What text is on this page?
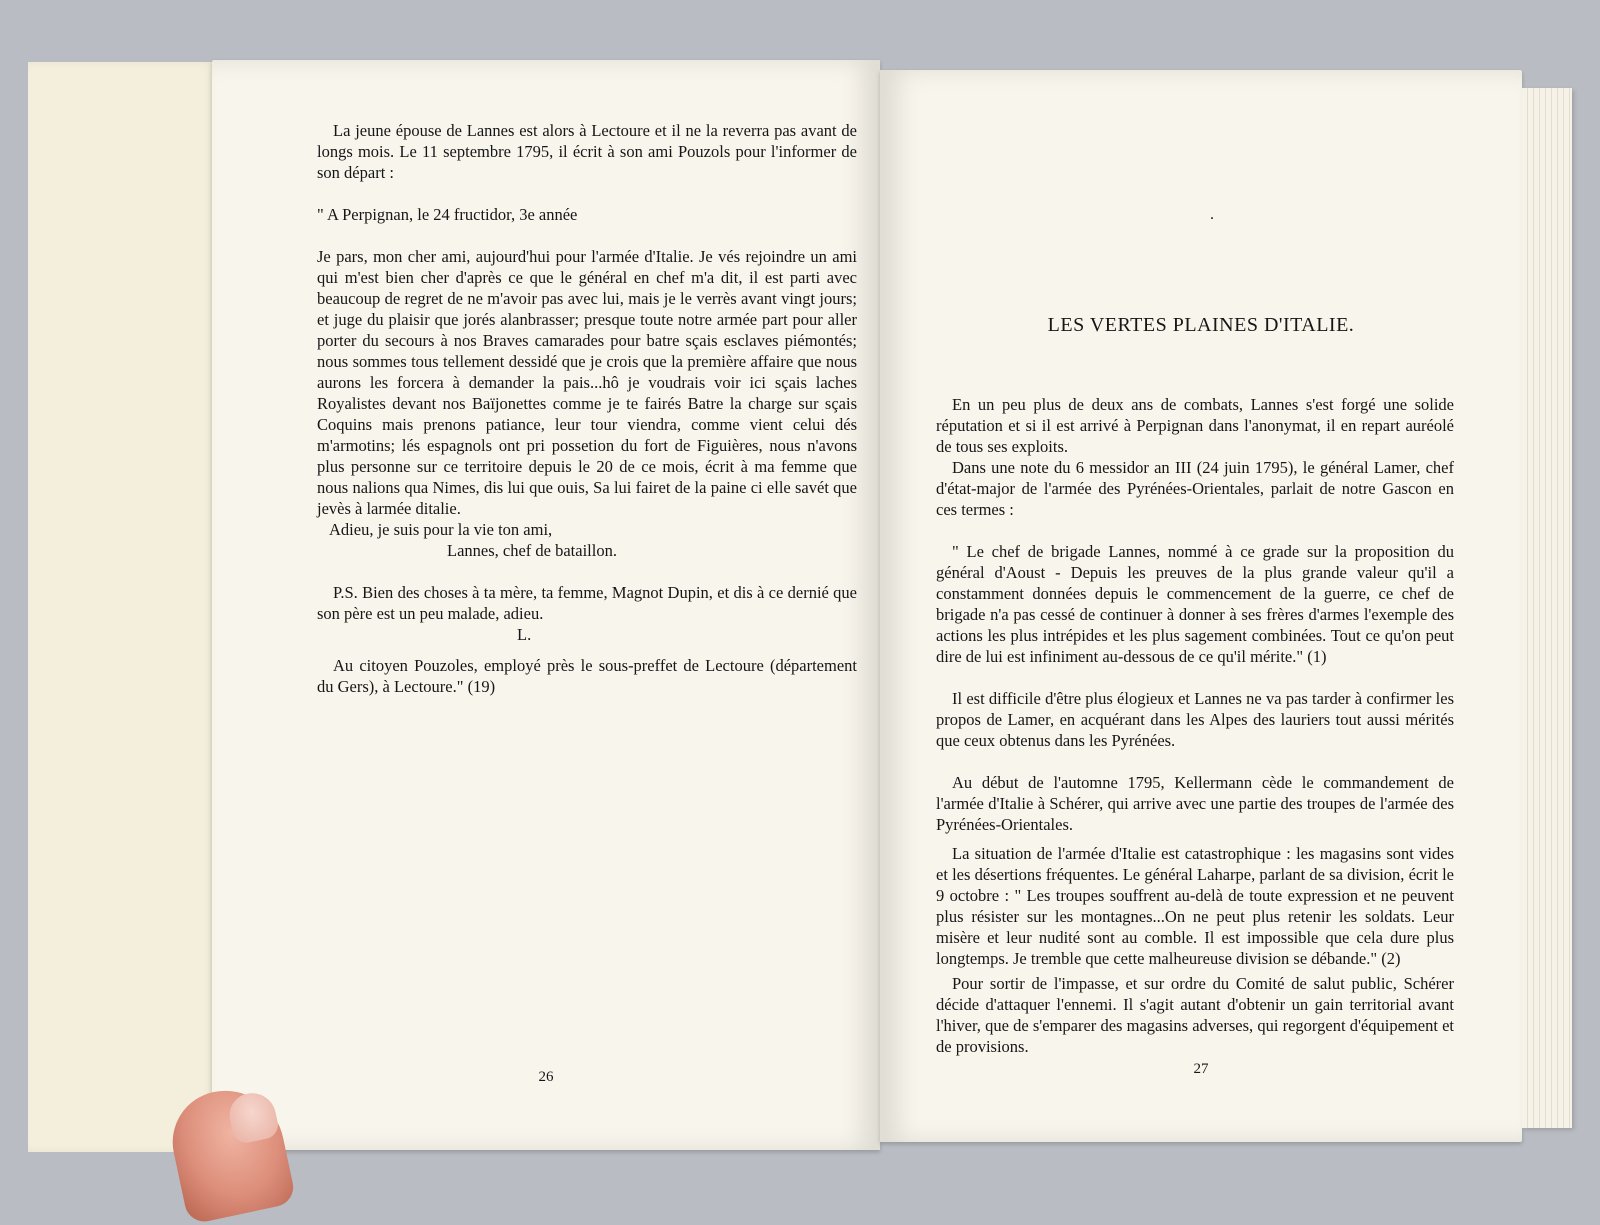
La jeune épouse de Lannes est alors à Lectoure et il ne la reverra pas avant de longs mois. Le 11 septembre 1795, il écrit à son ami Pouzols pour l'informer de son départ :

" A Perpignan, le 24 fructidor, 3e année

Je pars, mon cher ami, aujourd'hui pour l'armée d'Italie. Je vés rejoindre un ami qui m'est bien cher d'après ce que le général en chef m'a dit, il est parti avec beaucoup de regret de ne m'avoir pas avec lui, mais je le verrès avant vingt jours; et juge du plaisir que jorés alanbrasser; presque toute notre armée part pour aller porter du secours à nos Braves camarades pour batre sçais esclaves piémontés; nous sommes tous tellement dessidé que je crois que la première affaire que nous aurons les forcera à demander la pais...hô je voudrais voir ici sçais laches Royalistes devant nos Baïjonettes comme je te fairés Batre la charge sur sçais Coquins mais prenons patiance, leur tour viendra, comme vient celui dés m'armotins; lés espagnols ont pri possetion du fort de Figuières, nous n'avons plus personne sur ce territoire depuis le 20 de ce mois, écrit à ma femme que nous nalions qua Nimes, dis lui que ouis, Sa lui fairet de la paine ci elle savét que jevès à larmée ditalie.

Adieu, je suis pour la vie ton ami,

Lannes, chef de bataillon.

P.S. Bien des choses à ta mère, ta femme, Magnot Dupin, et dis à ce dernié que son père est un peu malade, adieu.

L.

Au citoyen Pouzoles, employé près le sous-preffet de Lectoure (département du Gers), à Lectoure." (19)

26
.
LES VERTES PLAINES D'ITALIE.

En un peu plus de deux ans de combats, Lannes s'est forgé une solide réputation et si il est arrivé à Perpignan dans l'anonymat, il en repart auréolé de tous ses exploits.

Dans une note du 6 messidor an III (24 juin 1795), le général Lamer, chef d'état-major de l'armée des Pyrénées-Orientales, parlait de notre Gascon en ces termes :

" Le chef de brigade Lannes, nommé à ce grade sur la proposition du général d'Aoust - Depuis les preuves de la plus grande valeur qu'il a constamment données depuis le commencement de la guerre, ce chef de brigade n'a pas cessé de continuer à donner à ses frères d'armes l'exemple des actions les plus intrépides et les plus sagement combinées. Tout ce qu'on peut dire de lui est infiniment au-dessous de ce qu'il mérite." (1)

Il est difficile d'être plus élogieux et Lannes ne va pas tarder à confirmer les propos de Lamer, en acquérant dans les Alpes des lauriers tout aussi mérités que ceux obtenus dans les Pyrénées.

Au début de l'automne 1795, Kellermann cède le commandement de l'armée d'Italie à Schérer, qui arrive avec une partie des troupes de l'armée des Pyrénées-Orientales.

La situation de l'armée d'Italie est catastrophique : les magasins sont vides et les désertions fréquentes. Le général Laharpe, parlant de sa division, écrit le 9 octobre : " Les troupes souffrent au-delà de toute expression et ne peuvent plus résister sur les montagnes...On ne peut plus retenir les soldats. Leur misère et leur nudité sont au comble. Il est impossible que cela dure plus longtemps. Je tremble que cette malheureuse division se débande." (2)

Pour sortir de l'impasse, et sur ordre du Comité de salut public, Schérer décide d'attaquer l'ennemi. Il s'agit autant d'obtenir un gain territorial avant l'hiver, que de s'emparer des magasins adverses, qui regorgent d'équipement et de provisions.

27
